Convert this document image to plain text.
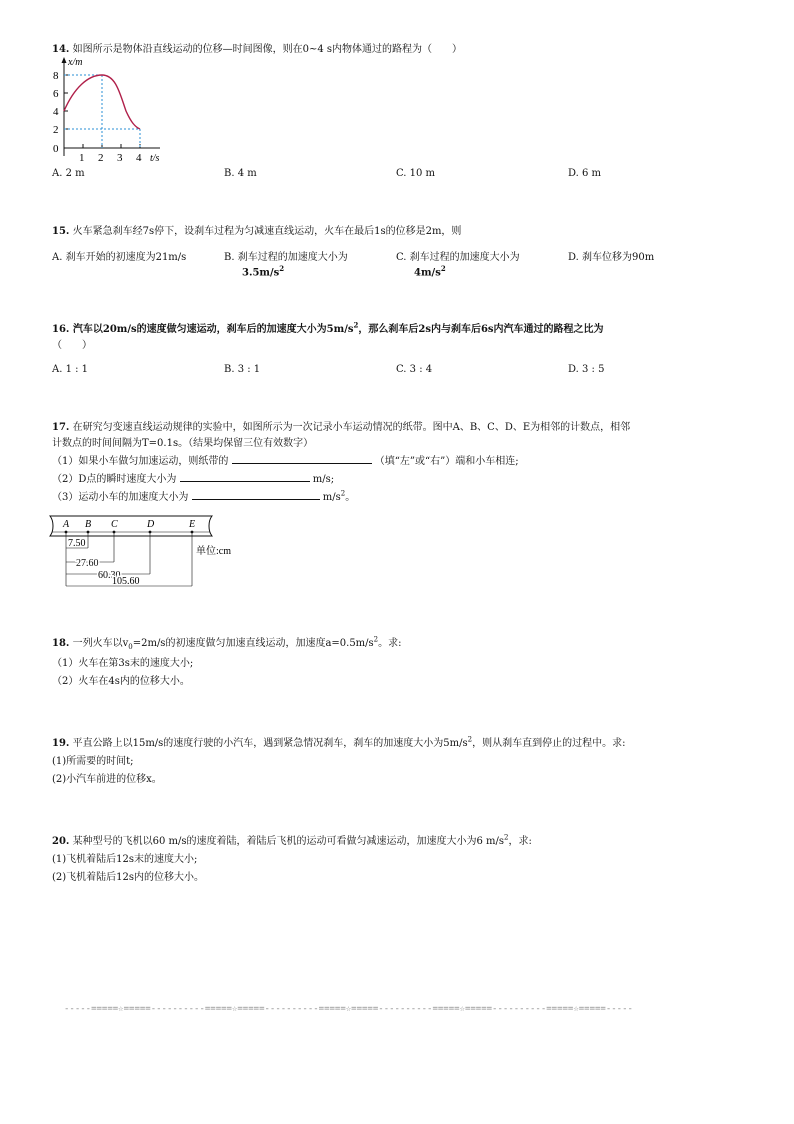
14. 如图所示是物体沿直线运动的位移—时间图像，则在0~4 s内物体通过的路程为（　　）
x/m
8
6
4
2
0
1 2 3 4 t/s
A. 2 m	B. 4 m	C. 10 m	D. 6 m
15. 火车紧急刹车经7s停下，设刹车过程为匀减速直线运动，火车在最后1s的位移是2m，则
A. 刹车开始的初速度为21m/s	B. 刹车过程的加速度大小为
$3.5m/s^2$
C. 刹车过程的加速度大小为
$4m/s^2$
D. 刹车位移为90m
16. 汽车以20m/s的速度做匀速运动，刹车后的加速度大小为$5m/s^2$，那么刹车后2s内与刹车后6s内汽车通过的路程之比为
（　　）
A. 1 : 1	B. 3 : 1	C. 3 : 4	D. 3 : 5
17. 在研究匀变速直线运动规律的实验中，如图所示为一次记录小车运动情况的纸带。图中A、B、C、D、E为相邻的计数点，相邻
计数点的时间间隔为T=0.1s。（结果均保留三位有效数字）
（1）如果小车做匀加速运动，则纸带的	（填“左”或“右”）端和小车相连;
（2）D点的瞬时速度大小为	m/s;
（3）运动小车的加速度大小为	$m/s^2$。
A B C	D	E
7.50
27.60
60.30
105.60
单位:cm
18. 一列火车以$v_0=2m/s$的初速度做匀加速直线运动，加速度$a=0.5m/s^2$。求:
（1）火车在第3s末的速度大小;
（2）火车在4s内的位移大小。
19. 平直公路上以15m/s的速度行驶的小汽车，遇到紧急情况刹车，刹车的加速度大小为$5m/s^2$，则从刹车直到停止的过程中。求:
(1)所需要的时间t;
(2)小汽车前进的位移x。
20. 某种型号的飞机以60 m/s的速度着陆，着陆后飞机的运动可看做匀减速运动，加速度大小为6 $m/s^2$，求:
(1)飞机着陆后12s末的速度大小;
(2)飞机着陆后12s内的位移大小。
-----=====☆=====----------=====☆=====----------=====☆=====----------=====☆=====----------=====☆=====-----
